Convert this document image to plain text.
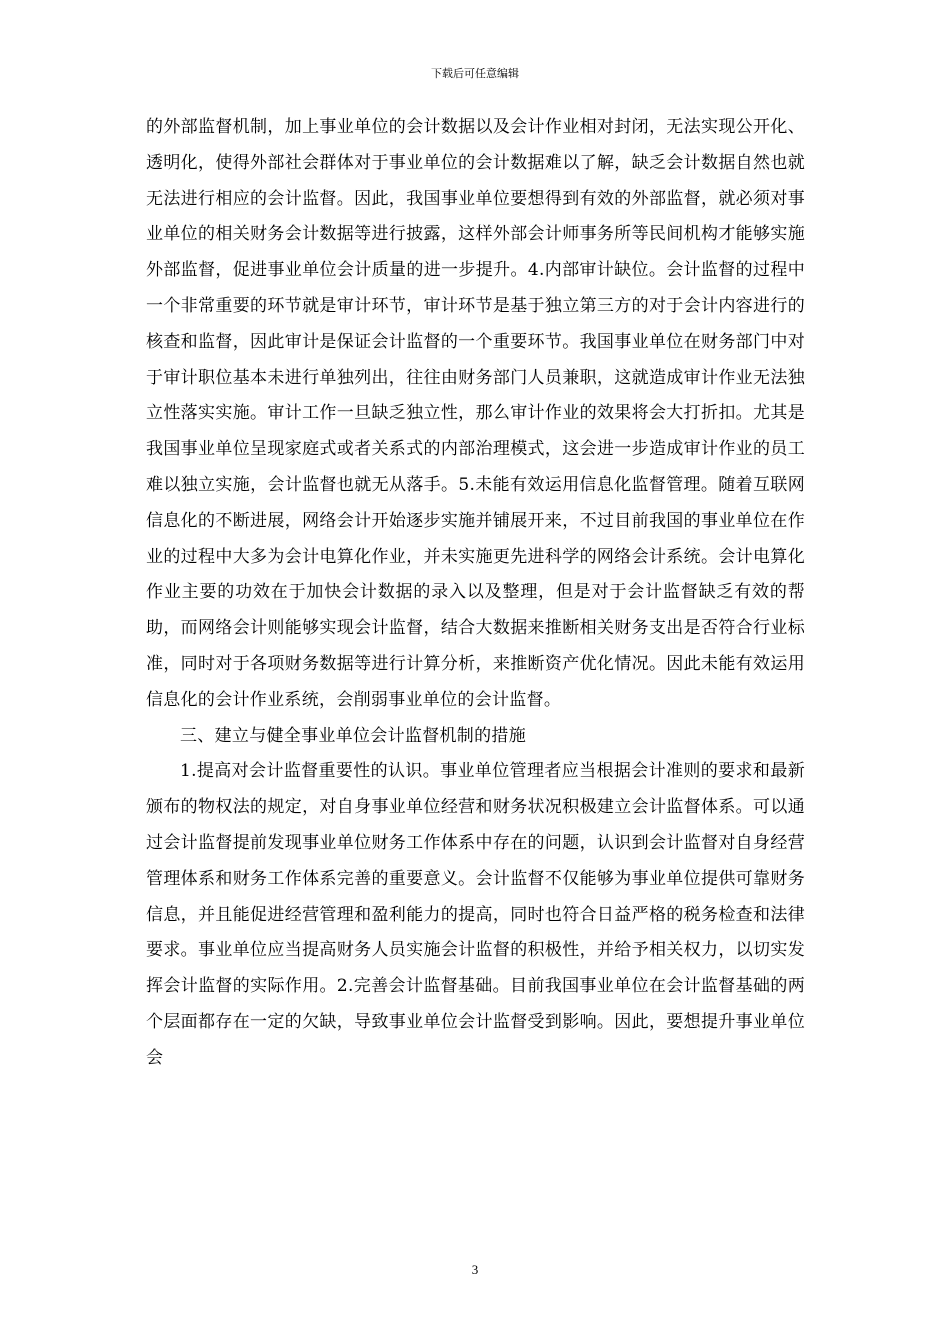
下载后可任意编辑

的外部监督机制，加上事业单位的会计数据以及会计作业相对封闭，无法实现公开化、透明化，使得外部社会群体对于事业单位的会计数据难以了解，缺乏会计数据自然也就无法进行相应的会计监督。因此，我国事业单位要想得到有效的外部监督，就必须对事业单位的相关财务会计数据等进行披露，这样外部会计师事务所等民间机构才能够实施外部监督，促进事业单位会计质量的进一步提升。4.内部审计缺位。会计监督的过程中一个非常重要的环节就是审计环节，审计环节是基于独立第三方的对于会计内容进行的核查和监督，因此审计是保证会计监督的一个重要环节。我国事业单位在财务部门中对于审计职位基本未进行单独列出，往往由财务部门人员兼职，这就造成审计作业无法独立性落实实施。审计工作一旦缺乏独立性，那么审计作业的效果将会大打折扣。尤其是我国事业单位呈现家庭式或者关系式的内部治理模式，这会进一步造成审计作业的员工难以独立实施，会计监督也就无从落手。5.未能有效运用信息化监督管理。随着互联网信息化的不断进展，网络会计开始逐步实施并铺展开来，不过目前我国的事业单位在作业的过程中大多为会计电算化作业，并未实施更先进科学的网络会计系统。会计电算化作业主要的功效在于加快会计数据的录入以及整理，但是对于会计监督缺乏有效的帮助，而网络会计则能够实现会计监督，结合大数据来推断相关财务支出是否符合行业标准，同时对于各项财务数据等进行计算分析，来推断资产优化情况。因此未能有效运用信息化的会计作业系统，会削弱事业单位的会计监督。

三、建立与健全事业单位会计监督机制的措施

1.提高对会计监督重要性的认识。事业单位管理者应当根据会计准则的要求和最新颁布的物权法的规定，对自身事业单位经营和财务状况积极建立会计监督体系。可以通过会计监督提前发现事业单位财务工作体系中存在的问题，认识到会计监督对自身经营管理体系和财务工作体系完善的重要意义。会计监督不仅能够为事业单位提供可靠财务信息，并且能促进经营管理和盈利能力的提高，同时也符合日益严格的税务检查和法律要求。事业单位应当提高财务人员实施会计监督的积极性，并给予相关权力，以切实发挥会计监督的实际作用。2.完善会计监督基础。目前我国事业单位在会计监督基础的两个层面都存在一定的欠缺，导致事业单位会计监督受到影响。因此，要想提升事业单位会

3
